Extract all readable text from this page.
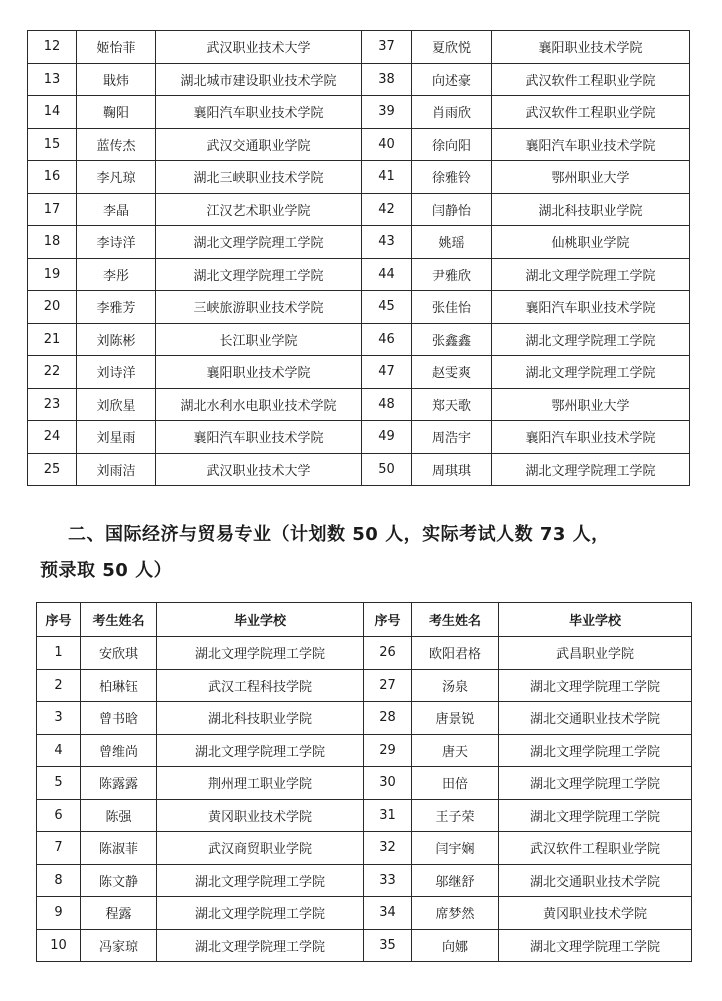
12	姬怡菲	武汉职业技术大学	37	夏欣悦	襄阳职业技术学院
13	戢炜	湖北城市建设职业技术学院	38	向述豪	武汉软件工程职业学院
14	鞠阳	襄阳汽车职业技术学院	39	肖雨欣	武汉软件工程职业学院
15	蓝传杰	武汉交通职业学院	40	徐向阳	襄阳汽车职业技术学院
16	李凡琼	湖北三峡职业技术学院	41	徐雅铃	鄂州职业大学
17	李晶	江汉艺术职业学院	42	闫静怡	湖北科技职业学院
18	李诗洋	湖北文理学院理工学院	43	姚瑶	仙桃职业学院
19	李彤	湖北文理学院理工学院	44	尹雅欣	湖北文理学院理工学院
20	李雅芳	三峡旅游职业技术学院	45	张佳怡	襄阳汽车职业技术学院
21	刘陈彬	长江职业学院	46	张鑫鑫	湖北文理学院理工学院
22	刘诗洋	襄阳职业技术学院	47	赵雯爽	湖北文理学院理工学院
23	刘欣星	湖北水利水电职业技术学院	48	郑天歌	鄂州职业大学
24	刘星雨	襄阳汽车职业技术学院	49	周浩宇	襄阳汽车职业技术学院
25	刘雨洁	武汉职业技术大学	50	周琪琪	湖北文理学院理工学院
二、国际经济与贸易专业（计划数 50 人，实际考试人数 73 人，
预录取 50 人）
序号	考生姓名	毕业学校	序号	考生姓名	毕业学校
1	安欣琪	湖北文理学院理工学院	26	欧阳君格	武昌职业学院
2	柏琳钰	武汉工程科技学院	27	汤泉	湖北文理学院理工学院
3	曾书晗	湖北科技职业学院	28	唐景锐	湖北交通职业技术学院
4	曾维尚	湖北文理学院理工学院	29	唐天	湖北文理学院理工学院
5	陈露露	荆州理工职业学院	30	田倍	湖北文理学院理工学院
6	陈强	黄冈职业技术学院	31	王子荣	湖北文理学院理工学院
7	陈淑菲	武汉商贸职业学院	32	闫宇娴	武汉软件工程职业学院
8	陈文静	湖北文理学院理工学院	33	邬继舒	湖北交通职业技术学院
9	程露	湖北文理学院理工学院	34	席梦然	黄冈职业技术学院
10	冯家琼	湖北文理学院理工学院	35	向娜	湖北文理学院理工学院
